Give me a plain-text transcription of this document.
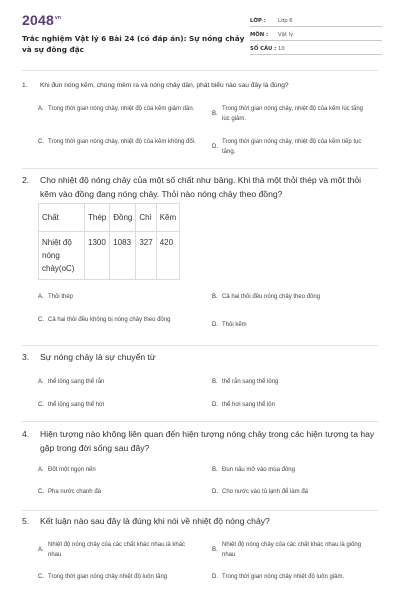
$2048^{vn}$
Trắc nghiệm Vật lý 6 Bài 24 (có đáp án): Sự nóng chảy và sự đông đặc
LỚP :	Lớp 6
MÔN :	Vật lý
SỐ CÂU : 10
1.	Khi đun nóng kẽm, chúng mềm ra và nóng chảy dần, phát biểu nào sau đây là đúng?
A. Trong thời gian nóng chảy, nhiệt độ của kẽm giảm dần.
B.
Trong thời gian nóng chảy, nhiệt độ của kẽm lúc tăng lúc giảm.
C. Trong thời gian nóng chảy, nhiệt độ của kẽm không đổi.
D.
Trong thời gian nóng chảy, nhiệt độ của kẽm tiếp tục tăng.
2.	Cho nhiệt độ nóng chảy của một số chất như bảng. Khi thả một thỏi thép và một thỏi kẽm vào đồng đang nóng chảy. Thỏi nào nóng chảy theo đồng?
Chất	Thép	Đồng	Chì	Kẽm
Nhiệt độ nóng chảy(oC)	1300	1083	327	420
A. Thỏi thép	B. Cả hai thỏi đều nóng chảy theo đồng
C. Cả hai thỏi đều không bị nóng chảy theo đồng
D. Thỏi kẽm
3.	Sự nóng chảy là sự chuyển từ
A. thể lỏng sang thể rắn	B. thể rắn sang thể lỏng
C. thể lỏng sang thể hơi	D. thể hơi sang thể lỏn
4.	Hiện tượng nào không liên quan đến hiện tượng nóng chảy trong các hiện tượng ta hay gặp trong đời sống sau đây?
A. Đốt một ngọn nến	B. Đun nấu mỡ vào mùa đông
C. Pha nước chanh đá	D. Cho nước vào tủ lạnh để làm đá
5.	Kết luận nào sau đây là đúng khi nói về nhiệt độ nóng chảy?
A.
Nhiệt độ nóng chảy của các chất khác nhau là khác nhau
B.
Nhiệt độ nóng chảy của các chất khác nhau là giống nhau
C. Trong thời gian nóng chảy nhiệt độ luôn tăng	D. Trong thời gian nóng chảy nhiệt độ luôn giảm.
